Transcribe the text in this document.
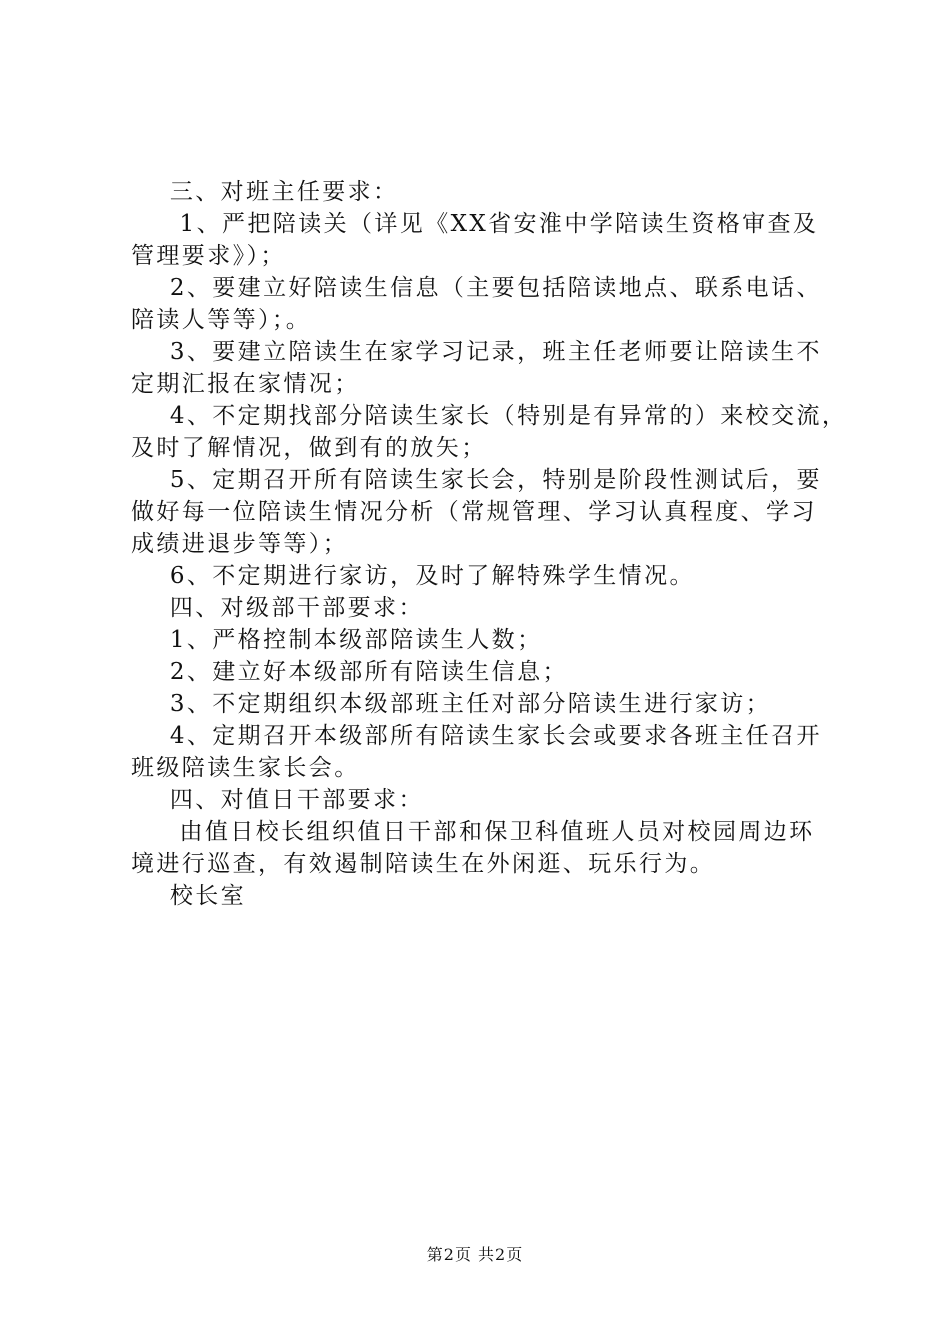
三、对班主任要求：
1、严把陪读关（详见《XX省安淮中学陪读生资格审查及
管理要求》）；
2、要建立好陪读生信息（主要包括陪读地点、联系电话、
陪读人等等）；。
3、要建立陪读生在家学习记录，班主任老师要让陪读生不
定期汇报在家情况；
4、不定期找部分陪读生家长（特别是有异常的）来校交流，
及时了解情况，做到有的放矢；
5、定期召开所有陪读生家长会，特别是阶段性测试后，要
做好每一位陪读生情况分析（常规管理、学习认真程度、学习
成绩进退步等等）；
6、不定期进行家访，及时了解特殊学生情况。
四、对级部干部要求：
1、严格控制本级部陪读生人数；
2、建立好本级部所有陪读生信息；
3、不定期组织本级部班主任对部分陪读生进行家访；
4、定期召开本级部所有陪读生家长会或要求各班主任召开
班级陪读生家长会。
四、对值日干部要求：
由值日校长组织值日干部和保卫科值班人员对校园周边环
境进行巡查，有效遏制陪读生在外闲逛、玩乐行为。
校长室
第2页 共2页
